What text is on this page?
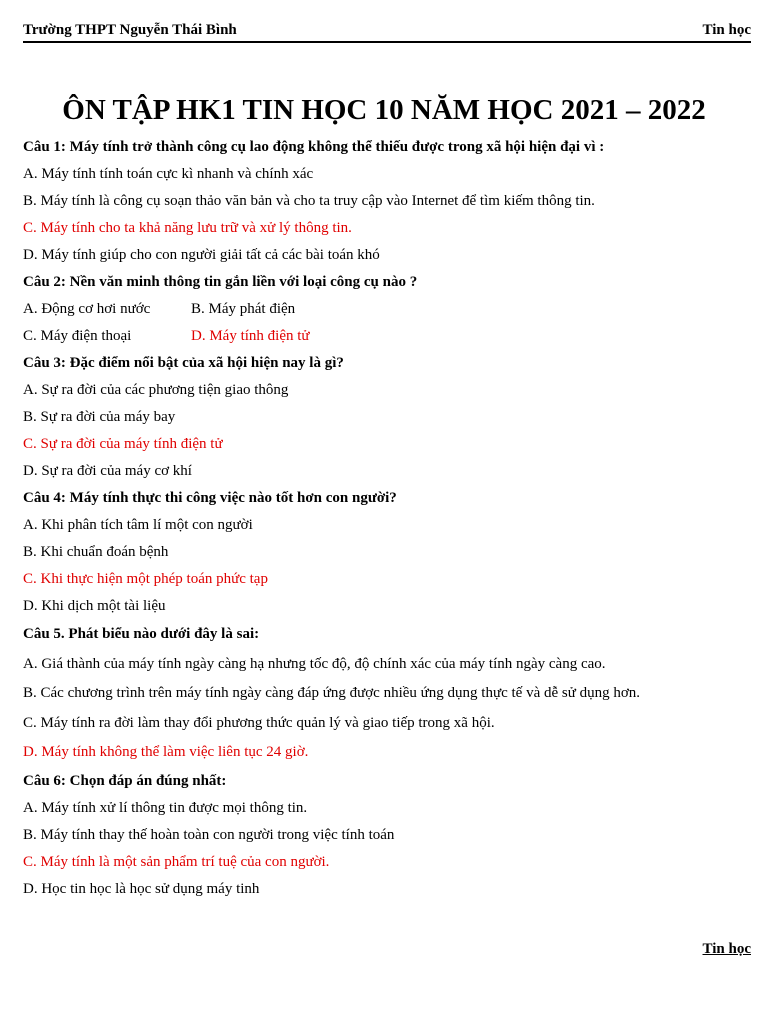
Trường THPT Nguyễn Thái Bình	Tin học
ÔN TẬP HK1 TIN HỌC 10 NĂM HỌC 2021 – 2022
Câu 1: Máy tính trở thành công cụ lao động không thể thiếu được trong xã hội hiện đại vì :
A. Máy tính tính toán cực kì nhanh và chính xác
B. Máy tính là công cụ soạn thảo văn bản và cho ta truy cập vào Internet để tìm kiếm thông tin.
C. Máy tính cho ta khả năng lưu trữ và xử lý thông tin.
D. Máy tính giúp cho con người giải tất cả các bài toán khó
Câu 2: Nền văn minh thông tin gắn liền với loại công cụ nào ?
A. Động cơ hơi nước	B. Máy phát điện
C. Máy điện thoại	D. Máy tính điện tử
Câu 3: Đặc điểm nổi bật của xã hội hiện nay là gì?
A. Sự ra đời của các phương tiện giao thông
B. Sự ra đời của máy bay
C. Sự ra đời của máy tính điện tử
D. Sự ra đời của máy cơ khí
Câu 4: Máy tính thực thi công việc nào tốt hơn con người?
A. Khi phân tích tâm lí một con người
B. Khi chuẩn đoán bệnh
C. Khi thực hiện một phép toán phức tạp
D. Khi dịch một tài liệu
Câu 5. Phát biểu nào dưới đây là sai:
A. Giá thành của máy tính ngày càng hạ nhưng tốc độ, độ chính xác của máy tính ngày càng cao.
B. Các chương trình trên máy tính ngày càng đáp ứng được nhiều ứng dụng thực tế và dễ sử dụng hơn.
C. Máy tính ra đời làm thay đổi phương thức quản lý và giao tiếp trong xã hội.
D. Máy tính không thể làm việc liên tục 24 giờ.
Câu 6: Chọn đáp án đúng nhất:
A. Máy tính xử lí thông tin được mọi thông tin.
B. Máy tính thay thế hoàn toàn con người trong việc tính toán
C. Máy tính là một sản phẩm trí tuệ của con người.
D. Học tin học là học sử dụng máy tinh
Tin học
